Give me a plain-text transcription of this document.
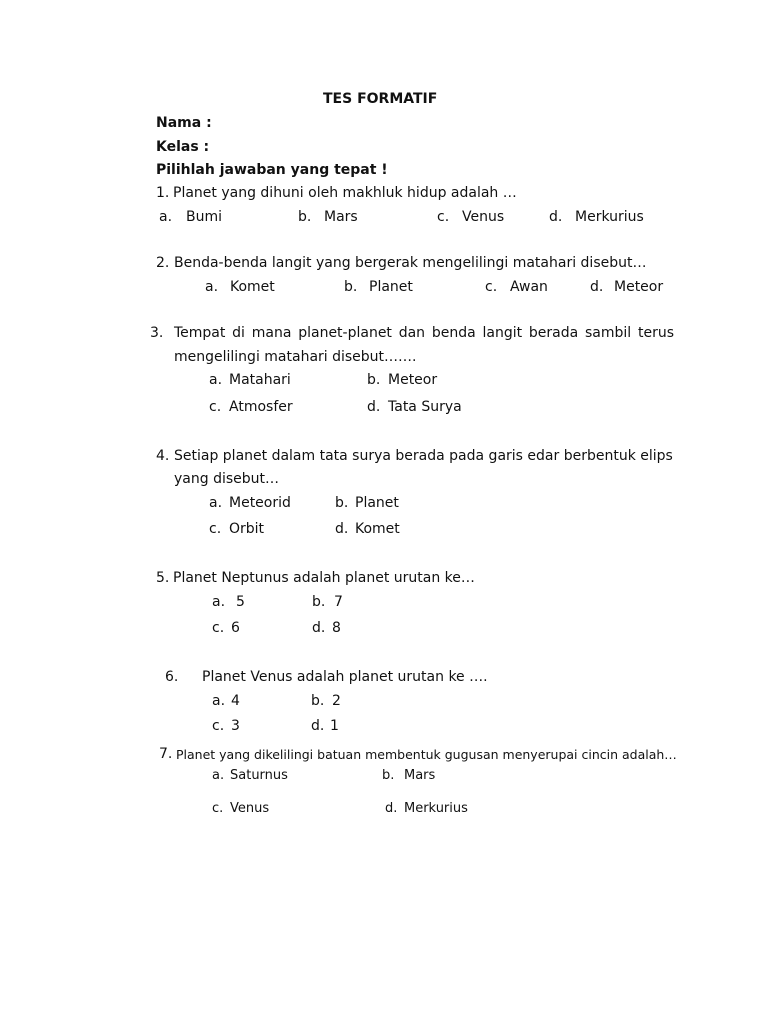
TES FORMATIF
Nama :
Kelas :
Pilihlah jawaban yang tepat !
1. Planet yang dihuni oleh makhluk hidup adalah …
a. Bumi	b. Mars	c. Venus	d. Merkurius
2. Benda-benda langit yang bergerak mengelilingi matahari disebut…
a. Komet	b. Planet	c. Awan	d. Meteor
3. Tempat di mana planet-planet dan benda langit berada sambil terus
mengelilingi matahari disebut…….
a. Matahari	b. Meteor
c. Atmosfer	d. Tata Surya
4. Setiap planet dalam tata surya berada pada garis edar berbentuk elips
yang disebut…
a. Meteorid	b. Planet
c. Orbit	d. Komet
5. Planet Neptunus adalah planet urutan ke…
a. 5	b. 7
c. 6	d. 8
6. Planet Venus adalah planet urutan ke ….
a. 4	b. 2
c. 3	d. 1
7. Planet yang dikelilingi batuan membentuk gugusan menyerupai cincin adalah…
a. Saturnus	b. Mars
c. Venus	d. Merkurius
